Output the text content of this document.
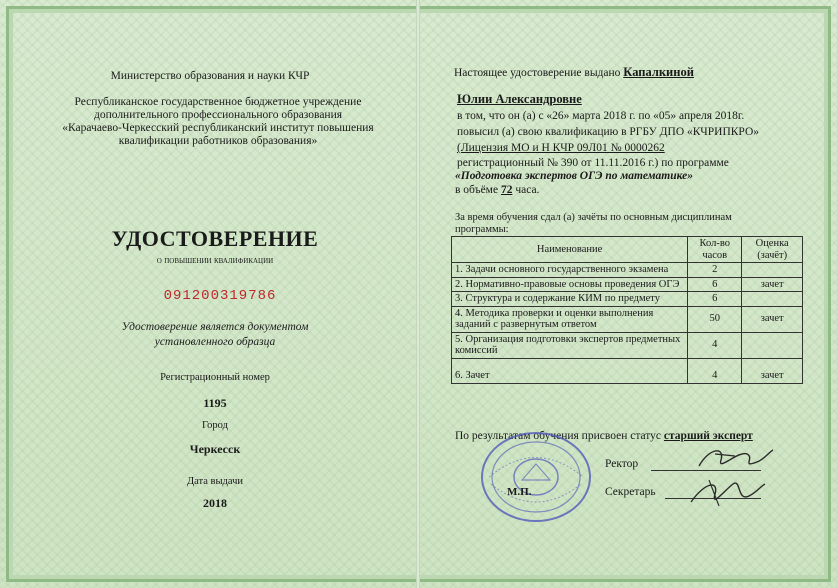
Министерство образования и науки КЧР
Республиканское государственное бюджетное учреждение
дополнительного профессионального образования
«Карачаево-Черкесский республиканский институт повышения
квалификации работников образования»
УДОСТОВЕРЕНИЕ
о повышении квалификации
091200319786
Удостоверение является документом
установленного образца
Регистрационный номер
1195
Город
Черкесск
Дата выдачи
2018
Настоящее удостоверение выдано Капалкиной
Юлии Александровне
в том, что он (а) с «26» марта 2018 г. по «05» апреля 2018г.
повысил (а) свою квалификацию в РГБУ ДПО «КЧРИПКРО»
(Лицензия МО и Н КЧР 09Л01 № 0000262
регистрационный № 390 от 11.11.2016 г.) по программе
«Подготовка экспертов ОГЭ по математике»
в объёме 72 часа.
За время обучения сдал (а) зачёты по основным дисциплинам
программы:
Наименование	Кол-во часов	Оценка (зачёт)
1. Задачи основного государственного экзамена	2	
2. Нормативно-правовые основы проведения ОГЭ	6	зачет
3. Структура и содержание КИМ по предмету	6	
4. Методика проверки и оценки выполнения заданий с развернутым ответом	50	зачет
5. Организация подготовки экспертов предметных комиссий	4	
6. Зачет	4	зачет
По результатам обучения присвоен статус старший эксперт
М.П.
Ректор
Секретарь
